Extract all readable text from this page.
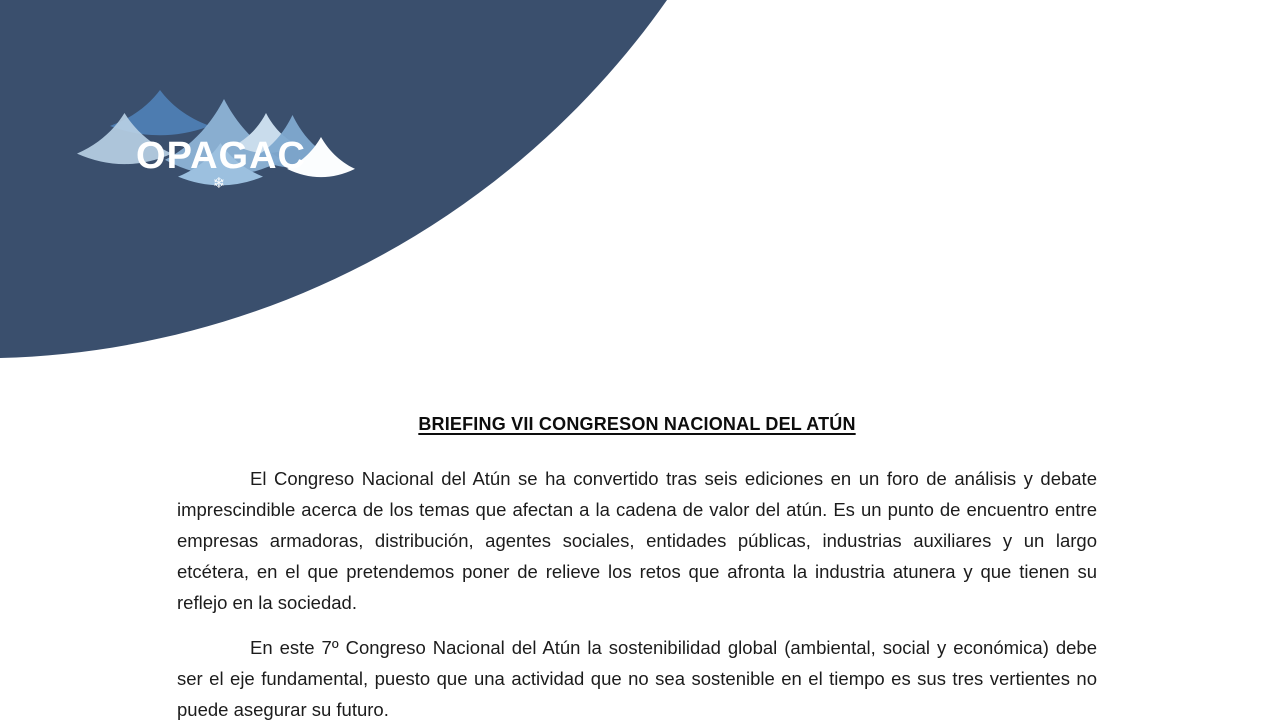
OPAGAC
❄
BRIEFING VII CONGRESON NACIONAL DEL ATÚN

El Congreso Nacional del Atún se ha convertido tras seis ediciones en un foro de análisis y debate imprescindible acerca de los temas que afectan a la cadena de valor del atún. Es un punto de encuentro entre empresas armadoras, distribución, agentes sociales, entidades públicas, industrias auxiliares y un largo etcétera, en el que pretendemos poner de relieve los retos que afronta la industria atunera y que tienen su reflejo en la sociedad.

En este 7º Congreso Nacional del Atún la sostenibilidad global (ambiental, social y económica) debe ser el eje fundamental, puesto que una actividad que no sea sostenible en el tiempo es sus tres vertientes no puede asegurar su futuro.
